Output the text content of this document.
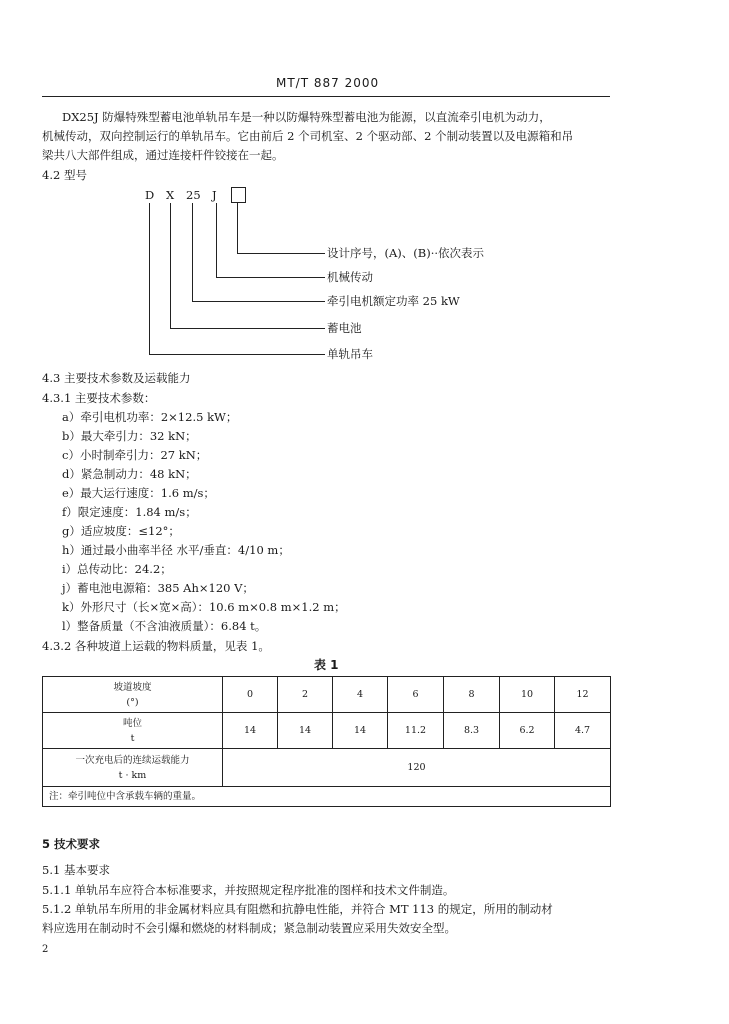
MT/T 887 2000
DX25J 防爆特殊型蓄电池单轨吊车是一种以防爆特殊型蓄电池为能源，以直流牵引电机为动力，
机械传动，双向控制运行的单轨吊车。它由前后 2 个司机室、2 个驱动部、2 个制动装置以及电源箱和吊
梁共八大部件组成，通过连接杆件铰接在一起。
4.2 型号
D X 25 J
设计序号，(A)、(B)··依次表示
机械传动
牵引电机额定功率 25 kW
蓄电池
单轨吊车
4.3 主要技术参数及运载能力
4.3.1 主要技术参数：
a）牵引电机功率：2×12.5 kW；
b）最大牵引力：32 kN；
c）小时制牵引力：27 kN；
d）紧急制动力：48 kN；
e）最大运行速度：1.6 m/s；
f）限定速度：1.84 m/s；
g）适应坡度：≤12°；
h）通过最小曲率半径 水平/垂直：4/10 m；
i）总传动比：24.2；
j）蓄电池电源箱：385 Ah×120 V；
k）外形尺寸（长×宽×高）：10.6 m×0.8 m×1.2 m；
l）整备质量（不含油液质量）：6.84 t。
4.3.2 各种坡道上运载的物料质量，见表 1。
表 1
坡道坡度
(°)	0	2	4	6	8	10	12
吨位
t	14	14	14	11.2	8.3	6.2	4.7
一次充电后的连续运载能力
t · km	120						
注：牵引吨位中含承载车辆的重量。							
5 技术要求
5.1 基本要求
5.1.1 单轨吊车应符合本标准要求，并按照规定程序批准的图样和技术文件制造。
5.1.2 单轨吊车所用的非金属材料应具有阻燃和抗静电性能，并符合 MT 113 的规定，所用的制动材
料应选用在制动时不会引爆和燃烧的材料制成；紧急制动装置应采用失效安全型。
2
